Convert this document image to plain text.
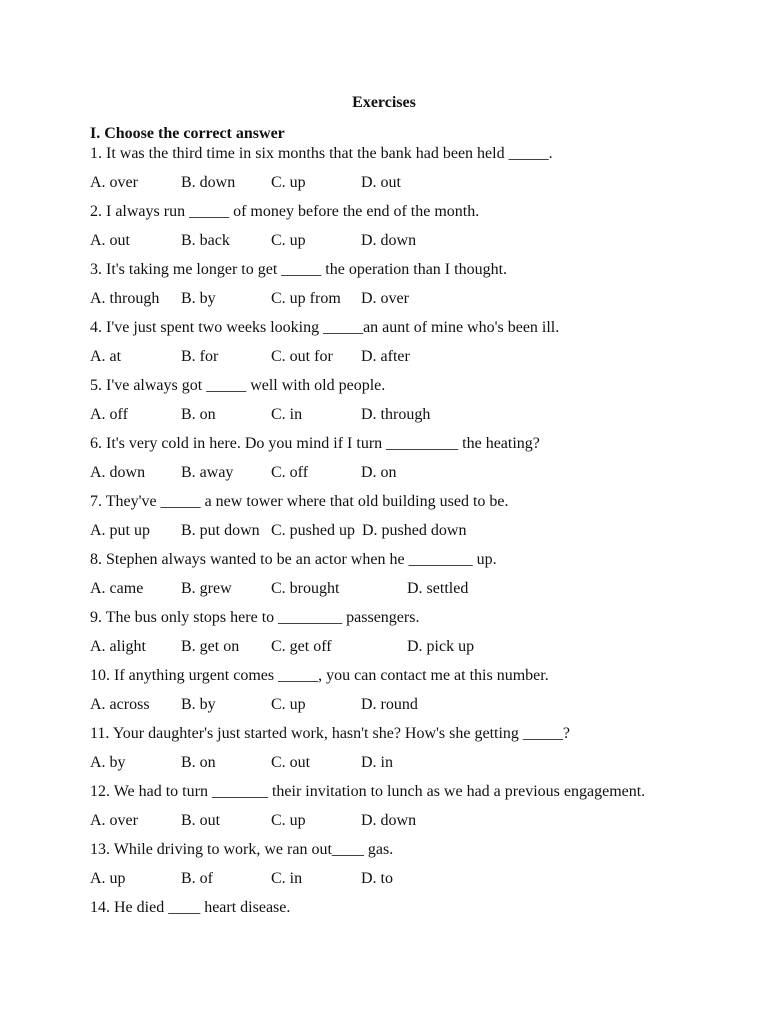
Exercises
I. Choose the correct answer
1. It was the third time in six months that the bank had been held _____.
A. over	B. down C. up	D. out
2. I always run _____ of money before the end of the month.
A. out	B. back	C. up	D. down
3. It's taking me longer to get _____ the operation than I thought.
A. through B. by	C. up from D. over
4. I've just spent two weeks looking _____an aunt of mine who's been ill.
A. at	B. for	C. out for D. after
5. I've always got _____ well with old people.
A. off	B. on	C. in	D. through
6. It's very cold in here. Do you mind if I turn _________ the heating?
A. down B. away C. off	D. on
7. They've _____ a new tower where that old building used to be.
A. put up B. put down C. pushed up D. pushed down
8. Stephen always wanted to be an actor when he ________ up.
A. came B. grew C. brought	D. settled
9. The bus only stops here to ________ passengers.
A. alight B. get on C. get off	D. pick up
10. If anything urgent comes _____, you can contact me at this number.
A. across B. by	C. up	D. round
11. Your daughter's just started work, hasn't she? How's she getting _____?
A. by	B. on	C. out	D. in
12. We had to turn _______ their invitation to lunch as we had a previous engagement.
A. over	B. out	C. up	D. down
13. While driving to work, we ran out____ gas.
A. up	B. of	C. in	D. to
14. He died ____ heart disease.
